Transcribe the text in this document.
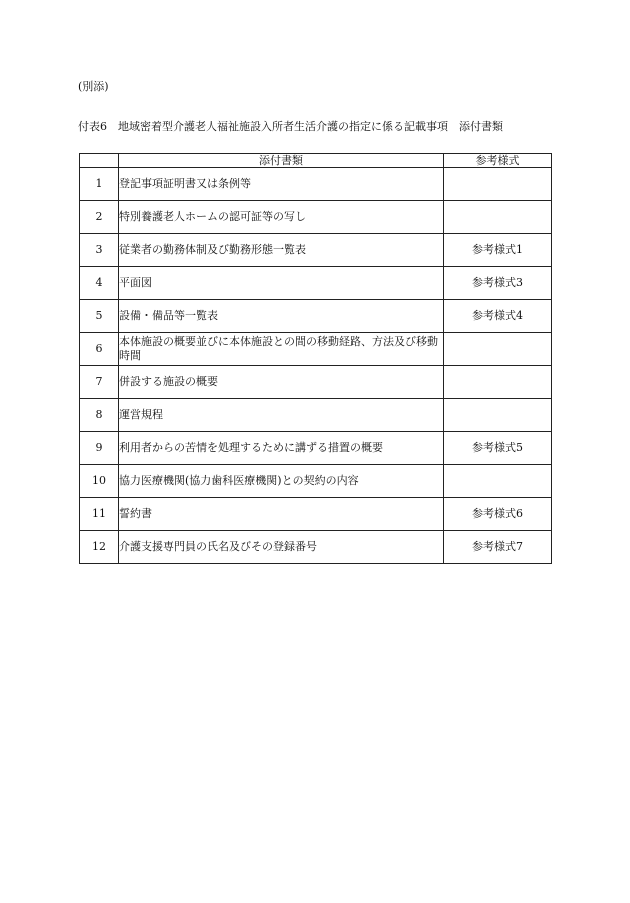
(別添)
付表6　地域密着型介護老人福祉施設入所者生活介護の指定に係る記載事項　添付書類
	添付書類	参考様式
1	登記事項証明書又は条例等	
2	特別養護老人ホームの認可証等の写し	
3	従業者の勤務体制及び勤務形態一覧表	参考様式1
4	平面図	参考様式3
5	設備・備品等一覧表	参考様式4
6	本体施設の概要並びに本体施設との間の移動経路、方法及び移動時間	
7	併設する施設の概要	
8	運営規程	
9	利用者からの苦情を処理するために講ずる措置の概要	参考様式5
10	協力医療機関(協力歯科医療機関)との契約の内容	
11	誓約書	参考様式6
12	介護支援専門員の氏名及びその登録番号	参考様式7
